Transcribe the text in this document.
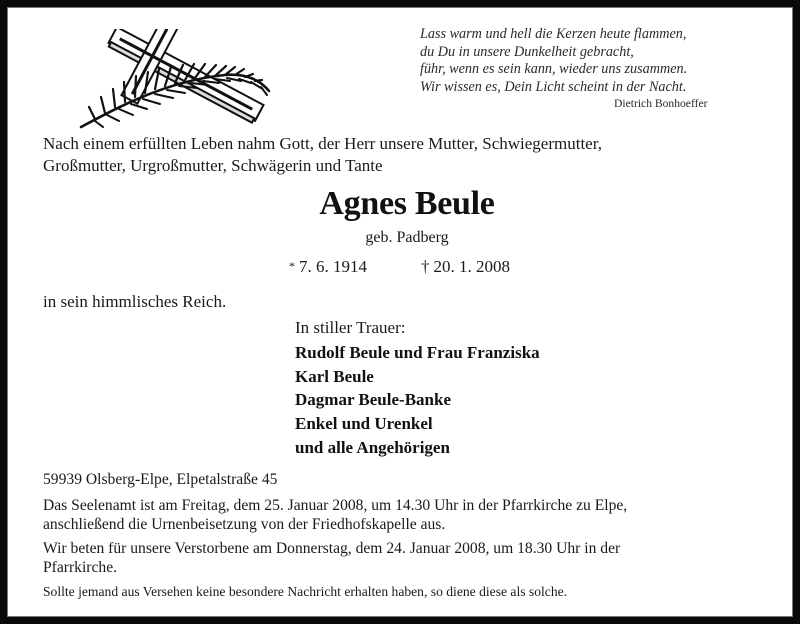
Lass warm und hell die Kerzen heute flammen,
du Du in unsere Dunkelheit gebracht,
führ, wenn es sein kann, wieder uns zusammen.
Wir wissen es, Dein Licht scheint in der Nacht.
Dietrich Bonhoeffer
Nach einem erfüllten Leben nahm Gott, der Herr unsere Mutter, Schwiegermutter,
Großmutter, Urgroßmutter, Schwägerin und Tante
Agnes Beule
geb. Padberg
* 7. 6. 1914	† 20. 1. 2008
in sein himmlisches Reich.
In stiller Trauer:
Rudolf Beule und Frau Franziska
Karl Beule
Dagmar Beule-Banke
Enkel und Urenkel
und alle Angehörigen
59939 Olsberg-Elpe, Elpetalstraße 45
Das Seelenamt ist am Freitag, dem 25. Januar 2008, um 14.30 Uhr in der Pfarrkirche zu Elpe,
anschließend die Urnenbeisetzung von der Friedhofskapelle aus.
Wir beten für unsere Verstorbene am Donnerstag, dem 24. Januar 2008, um 18.30 Uhr in der
Pfarrkirche.
Sollte jemand aus Versehen keine besondere Nachricht erhalten haben, so diene diese als solche.
